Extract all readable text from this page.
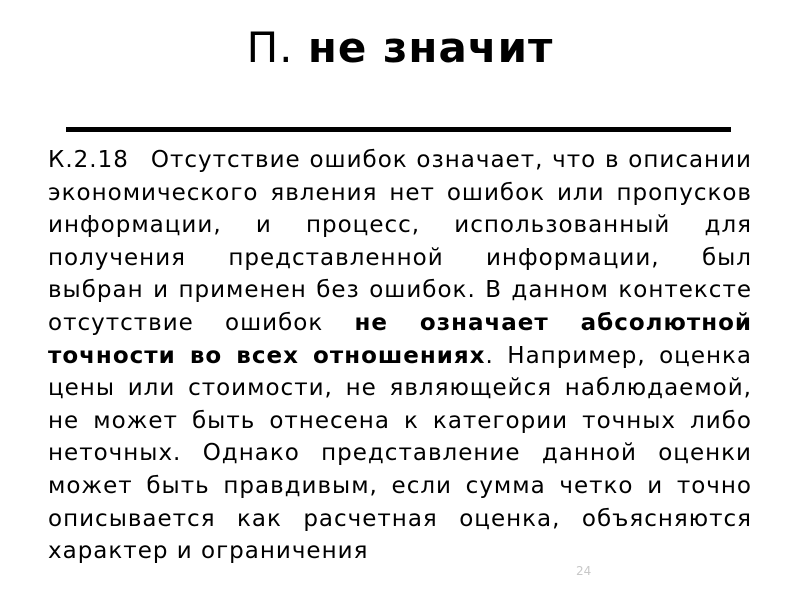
П. не значит

К.2.18 Отсутствие ошибок означает, что в описании экономического явления нет ошибок или пропусков информации, и процесс, использованный для получения представленной информации, был выбран и применен без ошибок. В данном контексте отсутствие ошибок не означает абсолютной точности во всех отношениях. Например, оценка цены или стоимости, не являющейся наблюдаемой, не может быть отнесена к категории точных либо неточных. Однако представление данной оценки может быть правдивым, если сумма четко и точно описывается как расчетная оценка, объясняются характер и ограничения

24
